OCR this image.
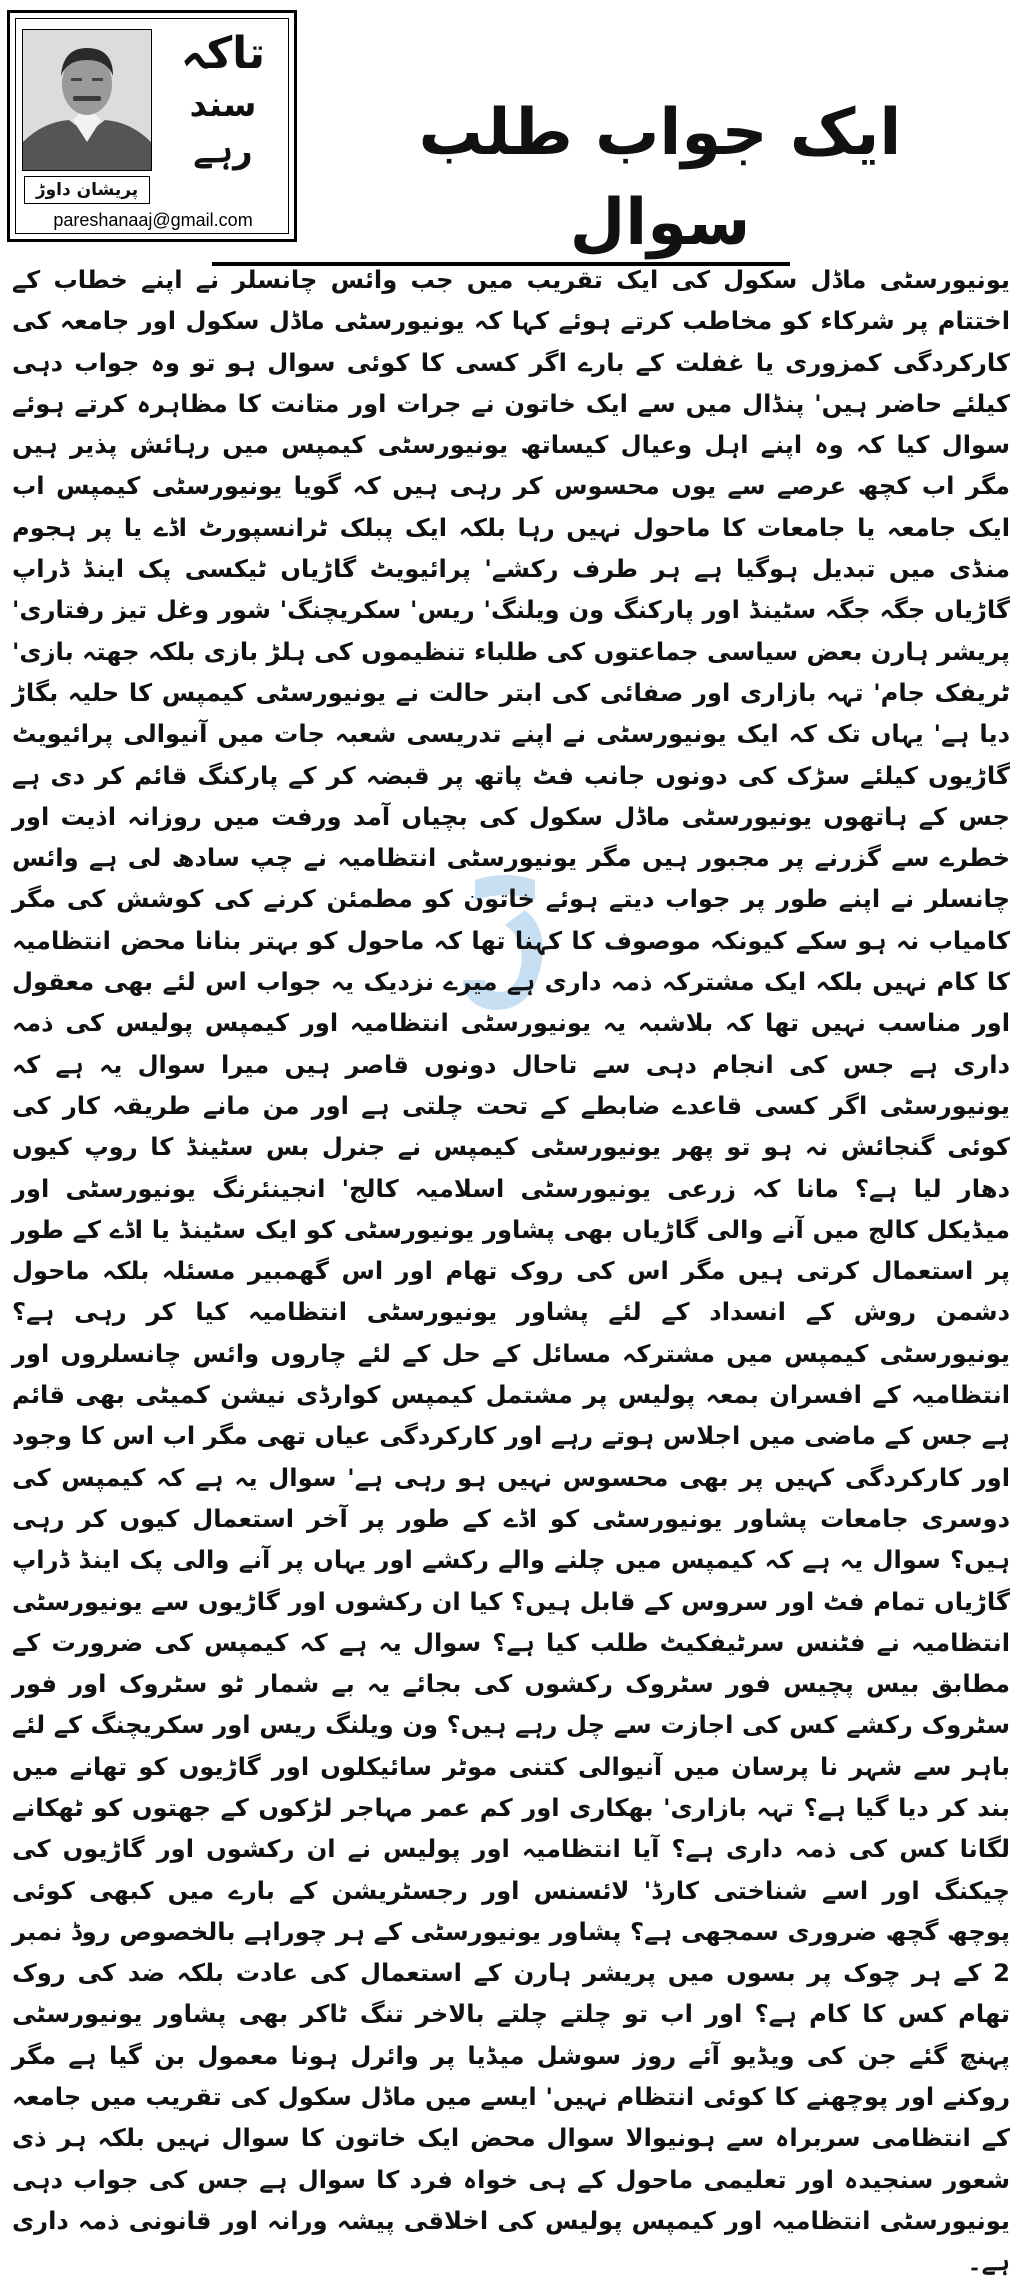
پریشان داوڑ
تاکہ
سند
رہے
pareshanaaj@gmail.com
ایک جواب طلب سوال

یونیورسٹی ماڈل سکول کی ایک تقریب میں جب وائس چانسلر نے اپنے خطاب کے اختتام پر شرکاء کو مخاطب کرتے ہوئے کہا کہ یونیورسٹی ماڈل سکول اور جامعہ کی کارکردگی کمزوری یا غفلت کے بارے اگر کسی کا کوئی سوال ہو تو وہ جواب دہی کیلئے حاضر ہیں' پنڈال میں سے ایک خاتون نے جرات اور متانت کا مظاہرہ کرتے ہوئے سوال کیا کہ وہ اپنے اہل وعیال کیساتھ یونیورسٹی کیمپس میں رہائش پذیر ہیں مگر اب کچھ عرصے سے یوں محسوس کر رہی ہیں کہ گویا یونیورسٹی کیمپس اب ایک جامعہ یا جامعات کا ماحول نہیں رہا بلکہ ایک پبلک ٹرانسپورٹ اڈے یا پر ہجوم منڈی میں تبدیل ہوگیا ہے ہر طرف رکشے' پرائیویٹ گاڑیاں ٹیکسی پک اینڈ ڈراپ گاڑیاں جگہ جگہ سٹینڈ اور پارکنگ ون ویلنگ' ریس' سکریچنگ' شور وغل تیز رفتاری' پریشر ہارن بعض سیاسی جماعتوں کی طلباء تنظیموں کی ہلڑ بازی بلکہ جھتہ بازی' ٹریفک جام' تہہ بازاری اور صفائی کی ابتر حالت نے یونیورسٹی کیمپس کا حلیہ بگاڑ دیا ہے' یہاں تک کہ ایک یونیورسٹی نے اپنے تدریسی شعبہ جات میں آنیوالی پرائیویٹ گاڑیوں کیلئے سڑک کی دونوں جانب فٹ پاتھ پر قبضہ کر کے پارکنگ قائم کر دی ہے جس کے ہاتھوں یونیورسٹی ماڈل سکول کی بچیاں آمد ورفت میں روزانہ اذیت اور خطرے سے گزرنے پر مجبور ہیں مگر یونیورسٹی انتظامیہ نے چپ سادھ لی ہے وائس چانسلر نے اپنے طور پر جواب دیتے ہوئے خاتون کو مطمئن کرنے کی کوشش کی مگر کامیاب نہ ہو سکے کیونکہ موصوف کا کہنا تھا کہ ماحول کو بہتر بنانا محض انتظامیہ کا کام نہیں بلکہ ایک مشترکہ ذمہ داری ہے میرے نزدیک یہ جواب اس لئے بھی معقول اور مناسب نہیں تھا کہ بلاشبہ یہ یونیورسٹی انتظامیہ اور کیمپس پولیس کی ذمہ داری ہے جس کی انجام دہی سے تاحال دونوں قاصر ہیں میرا سوال یہ ہے کہ یونیورسٹی اگر کسی قاعدے ضابطے کے تحت چلتی ہے اور من مانے طریقہ کار کی کوئی گنجائش نہ ہو تو پھر یونیورسٹی کیمپس نے جنرل بس سٹینڈ کا روپ کیوں دھار لیا ہے؟ مانا کہ زرعی یونیورسٹی اسلامیہ کالج' انجینئرنگ یونیورسٹی اور میڈیکل کالج میں آنے والی گاڑیاں بھی پشاور یونیورسٹی کو ایک سٹینڈ یا اڈے کے طور پر استعمال کرتی ہیں مگر اس کی روک تھام اور اس گھمبیر مسئلہ بلکہ ماحول دشمن روش کے انسداد کے لئے پشاور یونیورسٹی انتظامیہ کیا کر رہی ہے؟ یونیورسٹی کیمپس میں مشترکہ مسائل کے حل کے لئے چاروں وائس چانسلروں اور انتظامیہ کے افسران بمعہ پولیس پر مشتمل کیمپس کوارڈی نیشن کمیٹی بھی قائم ہے جس کے ماضی میں اجلاس ہوتے رہے اور کارکردگی عیاں تھی مگر اب اس کا وجود اور کارکردگی کہیں پر بھی محسوس نہیں ہو رہی ہے' سوال یہ ہے کہ کیمپس کی دوسری جامعات پشاور یونیورسٹی کو اڈے کے طور پر آخر استعمال کیوں کر رہی ہیں؟ سوال یہ ہے کہ کیمپس میں چلنے والے رکشے اور یہاں پر آنے والی پک اینڈ ڈراپ گاڑیاں تمام فٹ اور سروس کے قابل ہیں؟ کیا ان رکشوں اور گاڑیوں سے یونیورسٹی انتظامیہ نے فٹنس سرٹیفکیٹ طلب کیا ہے؟ سوال یہ ہے کہ کیمپس کی ضرورت کے مطابق بیس پچیس فور سٹروک رکشوں کی بجائے یہ بے شمار ٹو سٹروک اور فور سٹروک رکشے کس کی اجازت سے چل رہے ہیں؟ ون ویلنگ ریس اور سکریچنگ کے لئے باہر سے شہر نا پرسان میں آنیوالی کتنی موٹر سائیکلوں اور گاڑیوں کو تھانے میں بند کر دیا گیا ہے؟ تہہ بازاری' بھکاری اور کم عمر مہاجر لڑکوں کے جھتوں کو ٹھکانے لگانا کس کی ذمہ داری ہے؟ آیا انتظامیہ اور پولیس نے ان رکشوں اور گاڑیوں کی چیکنگ اور اسے شناختی کارڈ' لائسنس اور رجسٹریشن کے بارے میں کبھی کوئی پوچھ گچھ ضروری سمجھی ہے؟ پشاور یونیورسٹی کے ہر چوراہے بالخصوص روڈ نمبر 2 کے ہر چوک پر بسوں میں پریشر ہارن کے استعمال کی عادت بلکہ ضد کی روک تھام کس کا کام ہے؟ اور اب تو چلتے چلتے بالاخر تنگ ٹاکر بھی پشاور یونیورسٹی پہنچ گئے جن کی ویڈیو آئے روز سوشل میڈیا پر وائرل ہونا معمول بن گیا ہے مگر روکنے اور پوچھنے کا کوئی انتظام نہیں' ایسے میں ماڈل سکول کی تقریب میں جامعہ کے انتظامی سربراہ سے ہونیوالا سوال محض ایک خاتون کا سوال نہیں بلکہ ہر ذی شعور سنجیدہ اور تعلیمی ماحول کے ہی خواہ فرد کا سوال ہے جس کی جواب دہی یونیورسٹی انتظامیہ اور کیمپس پولیس کی اخلاقی پیشہ ورانہ اور قانونی ذمہ داری ہے۔
